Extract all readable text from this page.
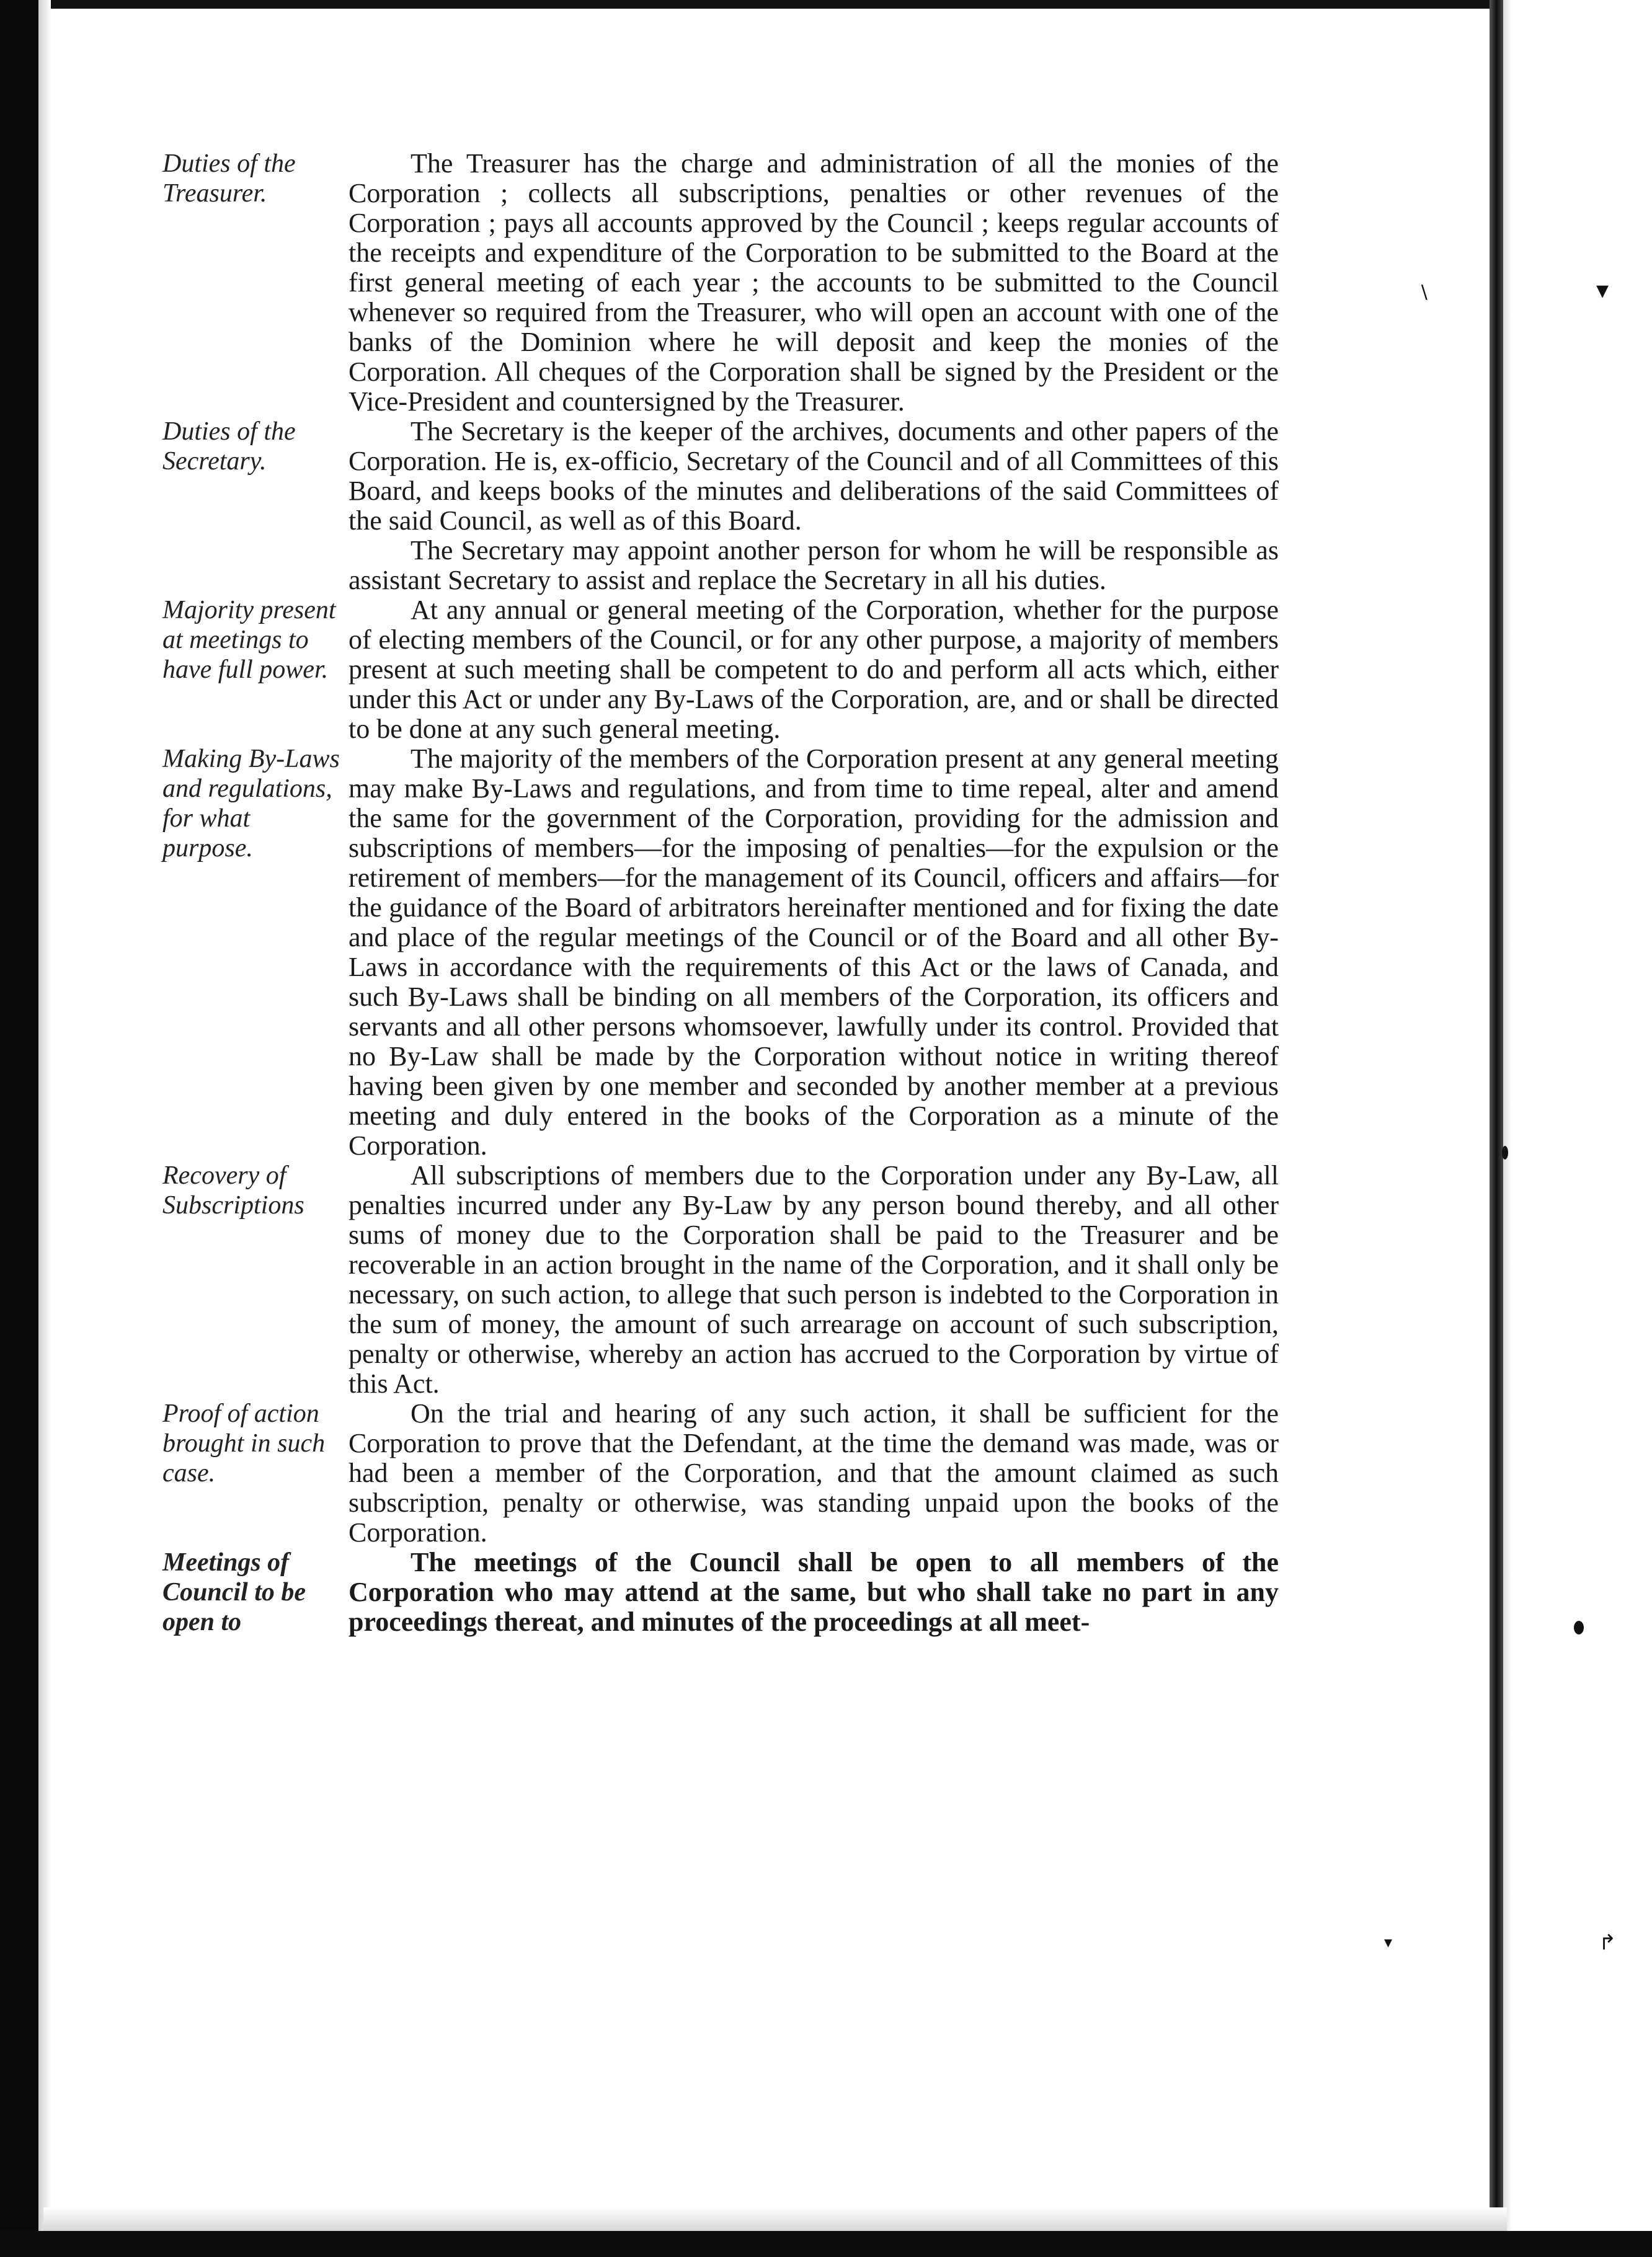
▾
∖
▾	↱
Duties of the Treasurer.

The Treasurer has the charge and administration of all the monies of the Corporation ; collects all subscriptions, penalties or other revenues of the Corporation ; pays all accounts approved by the Council ; keeps regular accounts of the receipts and expenditure of the Corporation to be submitted to the Board at the first general meeting of each year ; the accounts to be submitted to the Council whenever so required from the Treasurer, who will open an account with one of the banks of the Dominion where he will deposit and keep the monies of the Corporation. All cheques of the Corporation shall be signed by the President or the Vice-President and countersigned by the Treasurer.

Duties of the Secretary.

The Secretary is the keeper of the archives, documents and other papers of the Corporation. He is, ex-officio, Secretary of the Council and of all Committees of this Board, and keeps books of the minutes and deliberations of the said Committees of the said Council, as well as of this Board.

The Secretary may appoint another person for whom he will be responsible as assistant Secretary to assist and replace the Secretary in all his duties.

Majority present at meetings to have full power.

At any annual or general meeting of the Corporation, whether for the purpose of electing members of the Council, or for any other purpose, a majority of members present at such meeting shall be competent to do and perform all acts which, either under this Act or under any By-Laws of the Corporation, are, and or shall be directed to be done at any such general meeting.

Making By-Laws and regulations, for what purpose.

The majority of the members of the Corporation present at any general meeting may make By-Laws and regulations, and from time to time repeal, alter and amend the same for the government of the Corporation, providing for the admission and subscriptions of members—for the imposing of penalties—for the expulsion or the retirement of members—for the management of its Council, officers and affairs—for the guidance of the Board of arbitrators hereinafter mentioned and for fixing the date and place of the regular meetings of the Council or of the Board and all other By-Laws in accordance with the requirements of this Act or the laws of Canada, and such By-Laws shall be binding on all members of the Corporation, its officers and servants and all other persons whomsoever, lawfully under its control. Provided that no By-Law shall be made by the Corporation without notice in writing thereof having been given by one member and seconded by another member at a previous meeting and duly entered in the books of the Corporation as a minute of the Corporation.

Recovery of Subscriptions

All subscriptions of members due to the Corporation under any By-Law, all penalties incurred under any By-Law by any person bound thereby, and all other sums of money due to the Corporation shall be paid to the Treasurer and be recoverable in an action brought in the name of the Corporation, and it shall only be necessary, on such action, to allege that such person is indebted to the Corporation in the sum of money, the amount of such arrearage on account of such subscription, penalty or otherwise, whereby an action has accrued to the Corporation by virtue of this Act.

Proof of action brought in such case.

On the trial and hearing of any such action, it shall be sufficient for the Corporation to prove that the Defendant, at the time the demand was made, was or had been a member of the Corporation, and that the amount claimed as such subscription, penalty or otherwise, was standing unpaid upon the books of the Corporation.

Meetings of Council to be open to

The meetings of the Council shall be open to all members of the Corporation who may attend at the same, but who shall take no part in any proceedings thereat, and minutes of the proceedings at all meet-
